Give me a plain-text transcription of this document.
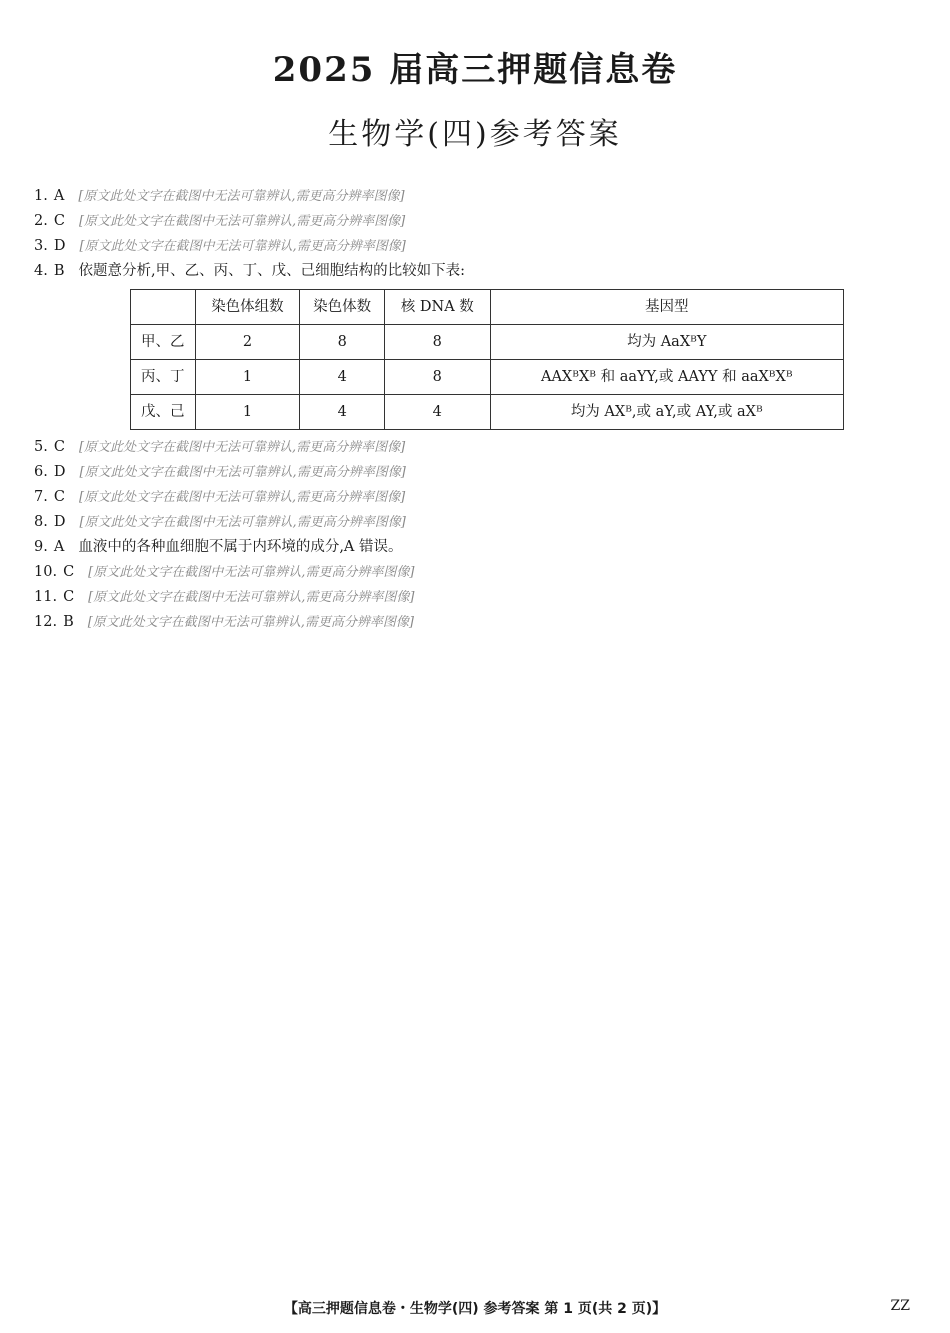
2025 届高三押题信息卷
生物学(四)参考答案
1. A [原文此处文字在截图中无法可靠辨认,需更高分辨率图像]
2. C [原文此处文字在截图中无法可靠辨认,需更高分辨率图像]
3. D [原文此处文字在截图中无法可靠辨认,需更高分辨率图像]
4. B 依题意分析,甲、乙、丙、丁、戊、己细胞结构的比较如下表:
	染色体组数	染色体数	核 DNA 数	基因型
甲、乙	2	8	8	均为 AaXᴮY
丙、丁	1	4	8	AAXᴮXᴮ 和 aaYY,或 AAYY 和 aaXᴮXᴮ
戊、己	1	4	4	均为 AXᴮ,或 aY,或 AY,或 aXᴮ
5. C [原文此处文字在截图中无法可靠辨认,需更高分辨率图像]
6. D [原文此处文字在截图中无法可靠辨认,需更高分辨率图像]
7. C [原文此处文字在截图中无法可靠辨认,需更高分辨率图像]
8. D [原文此处文字在截图中无法可靠辨认,需更高分辨率图像]
9. A 血液中的各种血细胞不属于内环境的成分,A 错误。
10. C [原文此处文字在截图中无法可靠辨认,需更高分辨率图像]
11. C [原文此处文字在截图中无法可靠辨认,需更高分辨率图像]
12. B [原文此处文字在截图中无法可靠辨认,需更高分辨率图像]
【高三押题信息卷・生物学(四) 参考答案 第 1 页(共 2 页)】	ZZ
